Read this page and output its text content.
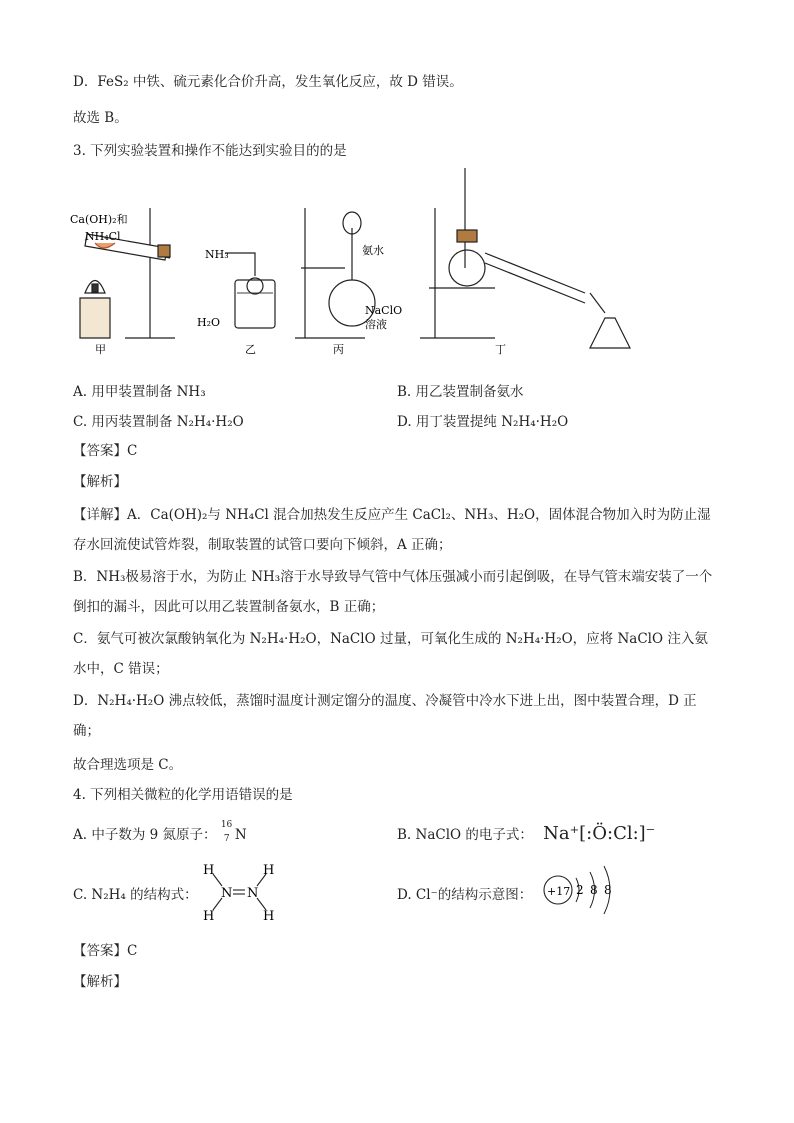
D．FeS₂ 中铁、硫元素化合价升高，发生氧化反应，故 D 错误。
故选 B。
3. 下列实验装置和操作不能达到实验目的的是
Ca(OH)₂和
NH₄Cl
NH₃
H₂O
氨水
NaClO
溶液
甲	乙	丙	丁
A. 用甲装置制备 NH₃	B. 用乙装置制备氨水
C. 用丙装置制备 N₂H₄·H₂O	D. 用丁装置提纯 N₂H₄·H₂O
【答案】C
【解析】
【详解】A．Ca(OH)₂与 NH₄Cl 混合加热发生反应产生 CaCl₂、NH₃、H₂O，固体混合物加入时为防止湿存水回流使试管炸裂，制取装置的试管口要向下倾斜，A 正确；
B．NH₃极易溶于水，为防止 NH₃溶于水导致导气管中气体压强减小而引起倒吸，在导气管末端安装了一个倒扣的漏斗，因此可以用乙装置制备氨水，B 正确；
C．氨气可被次氯酸钠氧化为 N₂H₄·H₂O，NaClO 过量，可氧化生成的 N₂H₄·H₂O，应将 NaClO 注入氨水中，C 错误；
D．N₂H₄·H₂O 沸点较低，蒸馏时温度计测定馏分的温度、冷凝管中冷水下进上出，图中装置合理，D 正确；
故合理选项是 C。
4. 下列相关微粒的化学用语错误的是
A. 中子数为 9 氮原子：
16
7 N	B. NaClO 的电子式： Na⁺[:Ö:Cl:]⁻
C. N₂H₄ 的结构式：
H
H
N N
H
H
D. Cl⁻的结构示意图： +17 2 8 8
【答案】C
【解析】
